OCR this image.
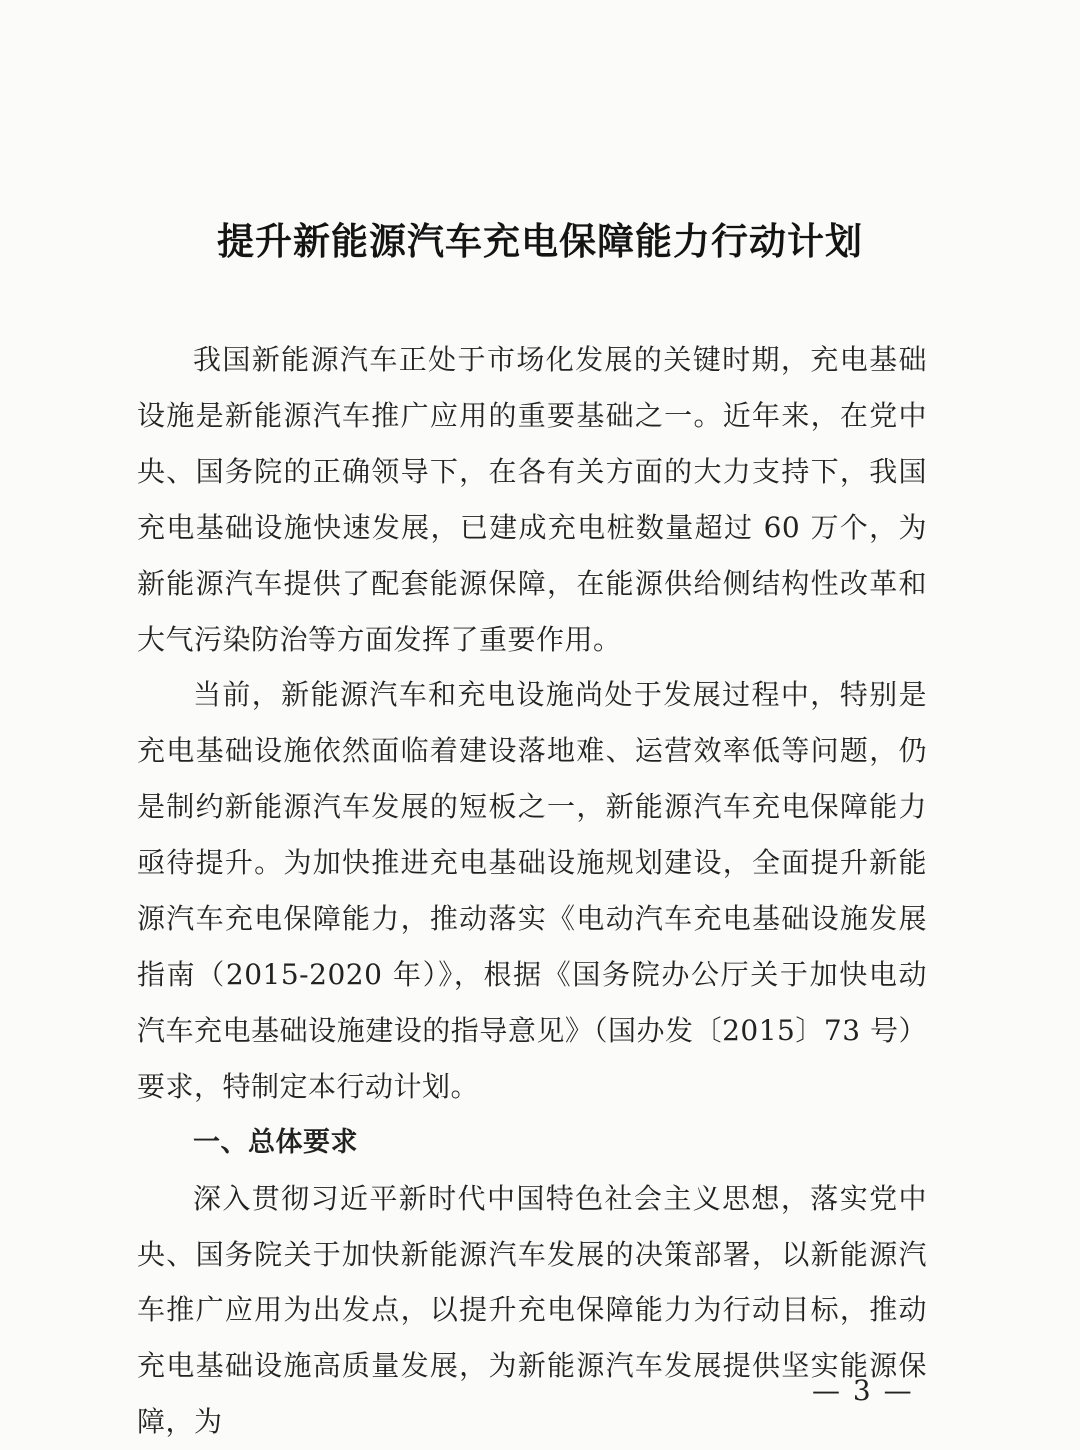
提升新能源汽车充电保障能力行动计划

我国新能源汽车正处于市场化发展的关键时期，充电基础设施是新能源汽车推广应用的重要基础之一。近年来，在党中央、国务院的正确领导下，在各有关方面的大力支持下，我国充电基础设施快速发展，已建成充电桩数量超过 60 万个，为新能源汽车提供了配套能源保障，在能源供给侧结构性改革和大气污染防治等方面发挥了重要作用。

当前，新能源汽车和充电设施尚处于发展过程中，特别是充电基础设施依然面临着建设落地难、运营效率低等问题，仍是制约新能源汽车发展的短板之一，新能源汽车充电保障能力亟待提升。为加快推进充电基础设施规划建设，全面提升新能源汽车充电保障能力，推动落实《电动汽车充电基础设施发展指南（2015-2020 年）》，根据《国务院办公厅关于加快电动汽车充电基础设施建设的指导意见》（国办发〔2015〕73 号）要求，特制定本行动计划。

一、总体要求

深入贯彻习近平新时代中国特色社会主义思想，落实党中央、国务院关于加快新能源汽车发展的决策部署，以新能源汽车推广应用为出发点，以提升充电保障能力为行动目标，推动充电基础设施高质量发展，为新能源汽车发展提供坚实能源保障，为

— 3 —
